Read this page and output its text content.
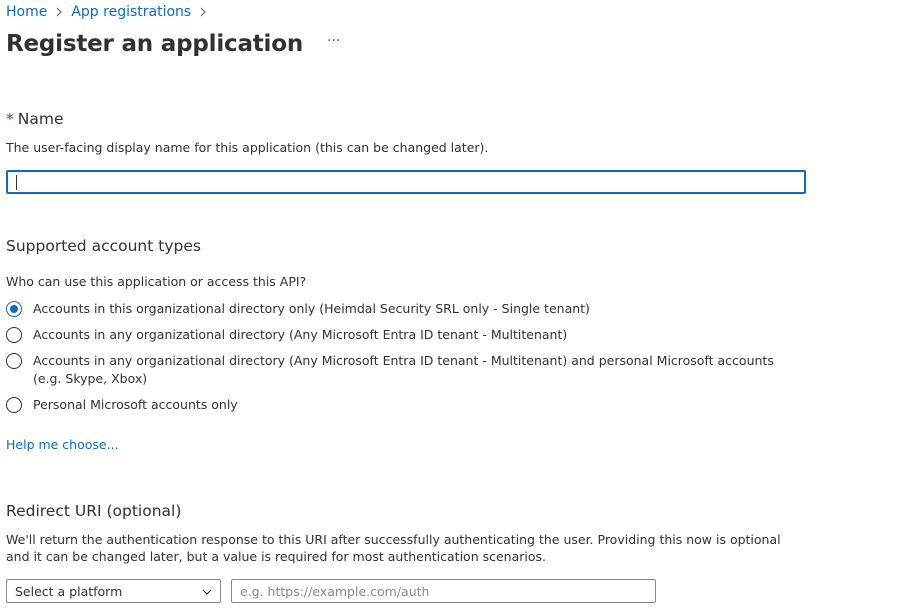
Home App registrations
Register an application ···
* Name
The user-facing display name for this application (this can be changed later).
Supported account types
Who can use this application or access this API?
Accounts in this organizational directory only (Heimdal Security SRL only - Single tenant)
Accounts in any organizational directory (Any Microsoft Entra ID tenant - Multitenant)
Accounts in any organizational directory (Any Microsoft Entra ID tenant - Multitenant) and personal Microsoft accounts (e.g. Skype, Xbox)
Personal Microsoft accounts only
Help me choose...
Redirect URI (optional)
We'll return the authentication response to this URI after successfully authenticating the user. Providing this now is optional and it can be changed later, but a value is required for most authentication scenarios.
Select a platform
e.g. https://example.com/auth
